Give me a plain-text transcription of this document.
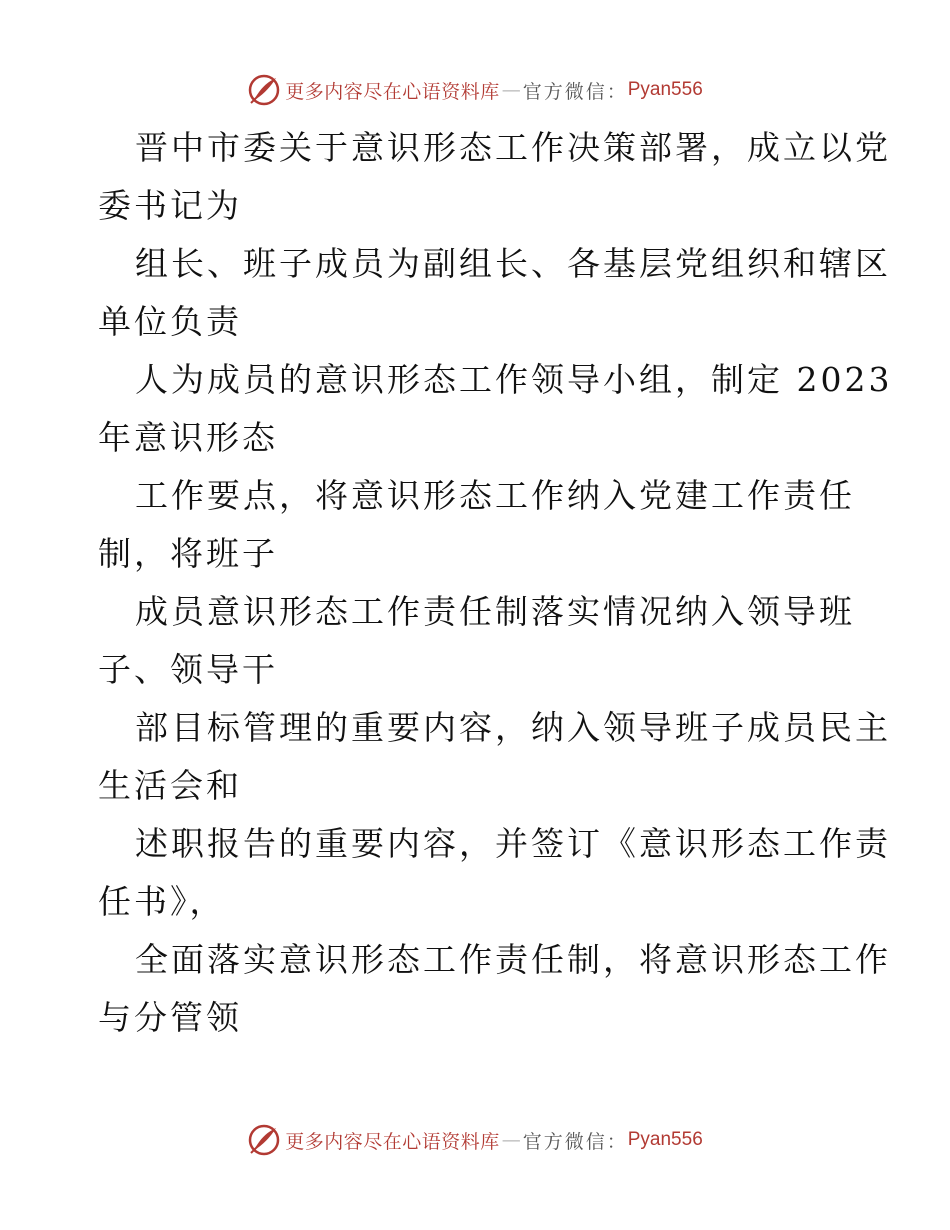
更多内容尽在心语资料库 — 官方微信： Pyan556
晋中市委关于意识形态工作决策部署，成立以党
委书记为
组长、班子成员为副组长、各基层党组织和辖区
单位负责
人为成员的意识形态工作领导小组，制定 2023
年意识形态
工作要点，将意识形态工作纳入党建工作责任
制，将班子
成员意识形态工作责任制落实情况纳入领导班
子、领导干
部目标管理的重要内容，纳入领导班子成员民主
生活会和
述职报告的重要内容，并签订《意识形态工作责
任书》，
全面落实意识形态工作责任制，将意识形态工作
与分管领
更多内容尽在心语资料库 — 官方微信： Pyan556
